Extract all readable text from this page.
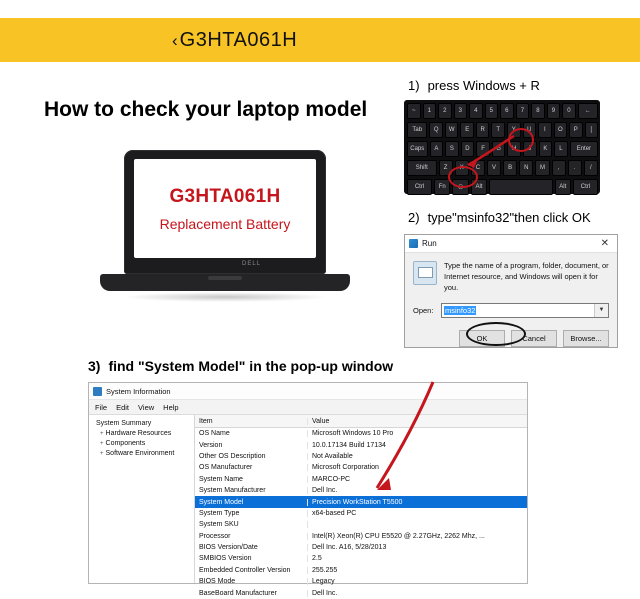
‹ G3HTA061H
How to check your laptop model
G3HTA061H
Replacement Battery
DELL
1) press Windows + R
~	1	2	3	4	5	6	7	8	9	0	←
Tab	Q	W	E	R	T	Y	U	I	O	P	[
Caps	A	S	D	F	G	H	J	K	L	Enter
Shift	Z	X	C	V	B	N	M	,	.	/
Ctrl	Fn	⎔	Alt	Alt	Ctrl
2) type"msinfo32"then click OK
Run	✕
Type the name of a program, folder, document, or Internet resource, and Windows will open it for you.
Open:	msinfo32	▼
OK	Cancel	Browse...
3) find "System Model" in the pop-up window
System Information
File Edit View Help
System Summary
+ Hardware Resources
+ Components
+ Software Environment
Item	Value
OS Name	Microsoft Windows 10 Pro
Version	10.0.17134 Build 17134
Other OS Description	Not Available
OS Manufacturer	Microsoft Corporation
System Name	MARCO-PC
System Manufacturer	Dell Inc.
System Model	Precision WorkStation T5500
System Type	x64-based PC
System SKU
Processor	Intel(R) Xeon(R) CPU E5520 @ 2.27GHz, 2262 Mhz, ...
BIOS Version/Date	Dell Inc. A16, 5/28/2013
SMBIOS Version	2.5
Embedded Controller Version	255.255
BIOS Mode	Legacy
BaseBoard Manufacturer	Dell Inc.
